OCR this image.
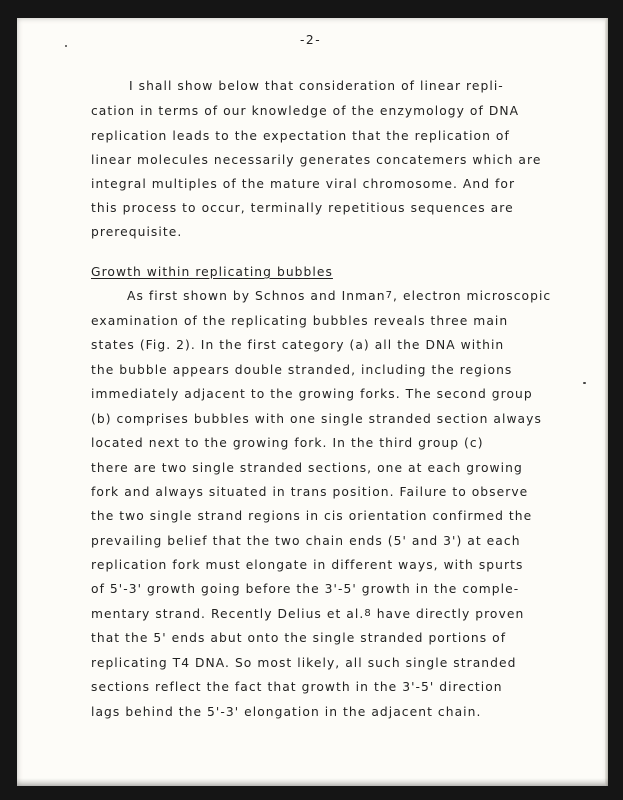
-2-
I shall show below that consideration of linear repli-
cation in terms of our knowledge of the enzymology of DNA
replication leads to the expectation that the replication of
linear molecules necessarily generates concatemers which are
integral multiples of the mature viral chromosome. And for
this process to occur, terminally repetitious sequences are
prerequisite.
Growth within replicating bubbles
As first shown by Schnos and Inman$^7$, electron microscopic
examination of the replicating bubbles reveals three main
states (Fig. 2). In the first category (a) all the DNA within
the bubble appears double stranded, including the regions
immediately adjacent to the growing forks. The second group
(b) comprises bubbles with one single stranded section always
located next to the growing fork. In the third group (c)
there are two single stranded sections, one at each growing
fork and always situated in trans position. Failure to observe
the two single strand regions in cis orientation confirmed the
prevailing belief that the two chain ends (5' and 3') at each
replication fork must elongate in different ways, with spurts
of 5'-3' growth going before the 3'-5' growth in the comple-
mentary strand. Recently Delius et al.$^8$ have directly proven
that the 5' ends abut onto the single stranded portions of
replicating T4 DNA. So most likely, all such single stranded
sections reflect the fact that growth in the 3'-5' direction
lags behind the 5'-3' elongation in the adjacent chain.
